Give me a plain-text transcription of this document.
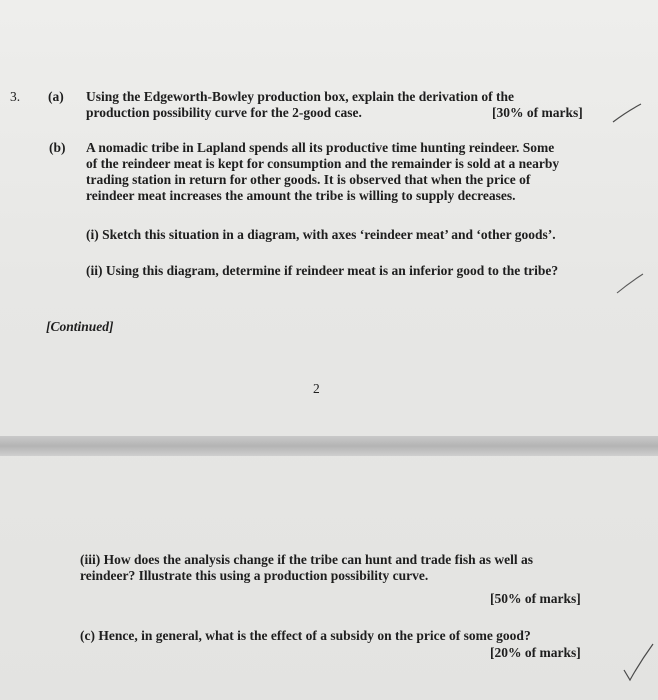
3. (a) Using the Edgeworth-Bowley production box, explain the derivation of the
production possibility curve for the 2-good case.	[30% of marks]
(b) A nomadic tribe in Lapland spends all its productive time hunting reindeer. Some
of the reindeer meat is kept for consumption and the remainder is sold at a nearby
trading station in return for other goods. It is observed that when the price of
reindeer meat increases the amount the tribe is willing to supply decreases.
(i) Sketch this situation in a diagram, with axes ‘reindeer meat’ and ‘other goods’.
(ii) Using this diagram, determine if reindeer meat is an inferior good to the tribe?
[Continued]
2
(iii) How does the analysis change if the tribe can hunt and trade fish as well as
reindeer? Illustrate this using a production possibility curve.
[50% of marks]
(c) Hence, in general, what is the effect of a subsidy on the price of some good?
[20% of marks]
